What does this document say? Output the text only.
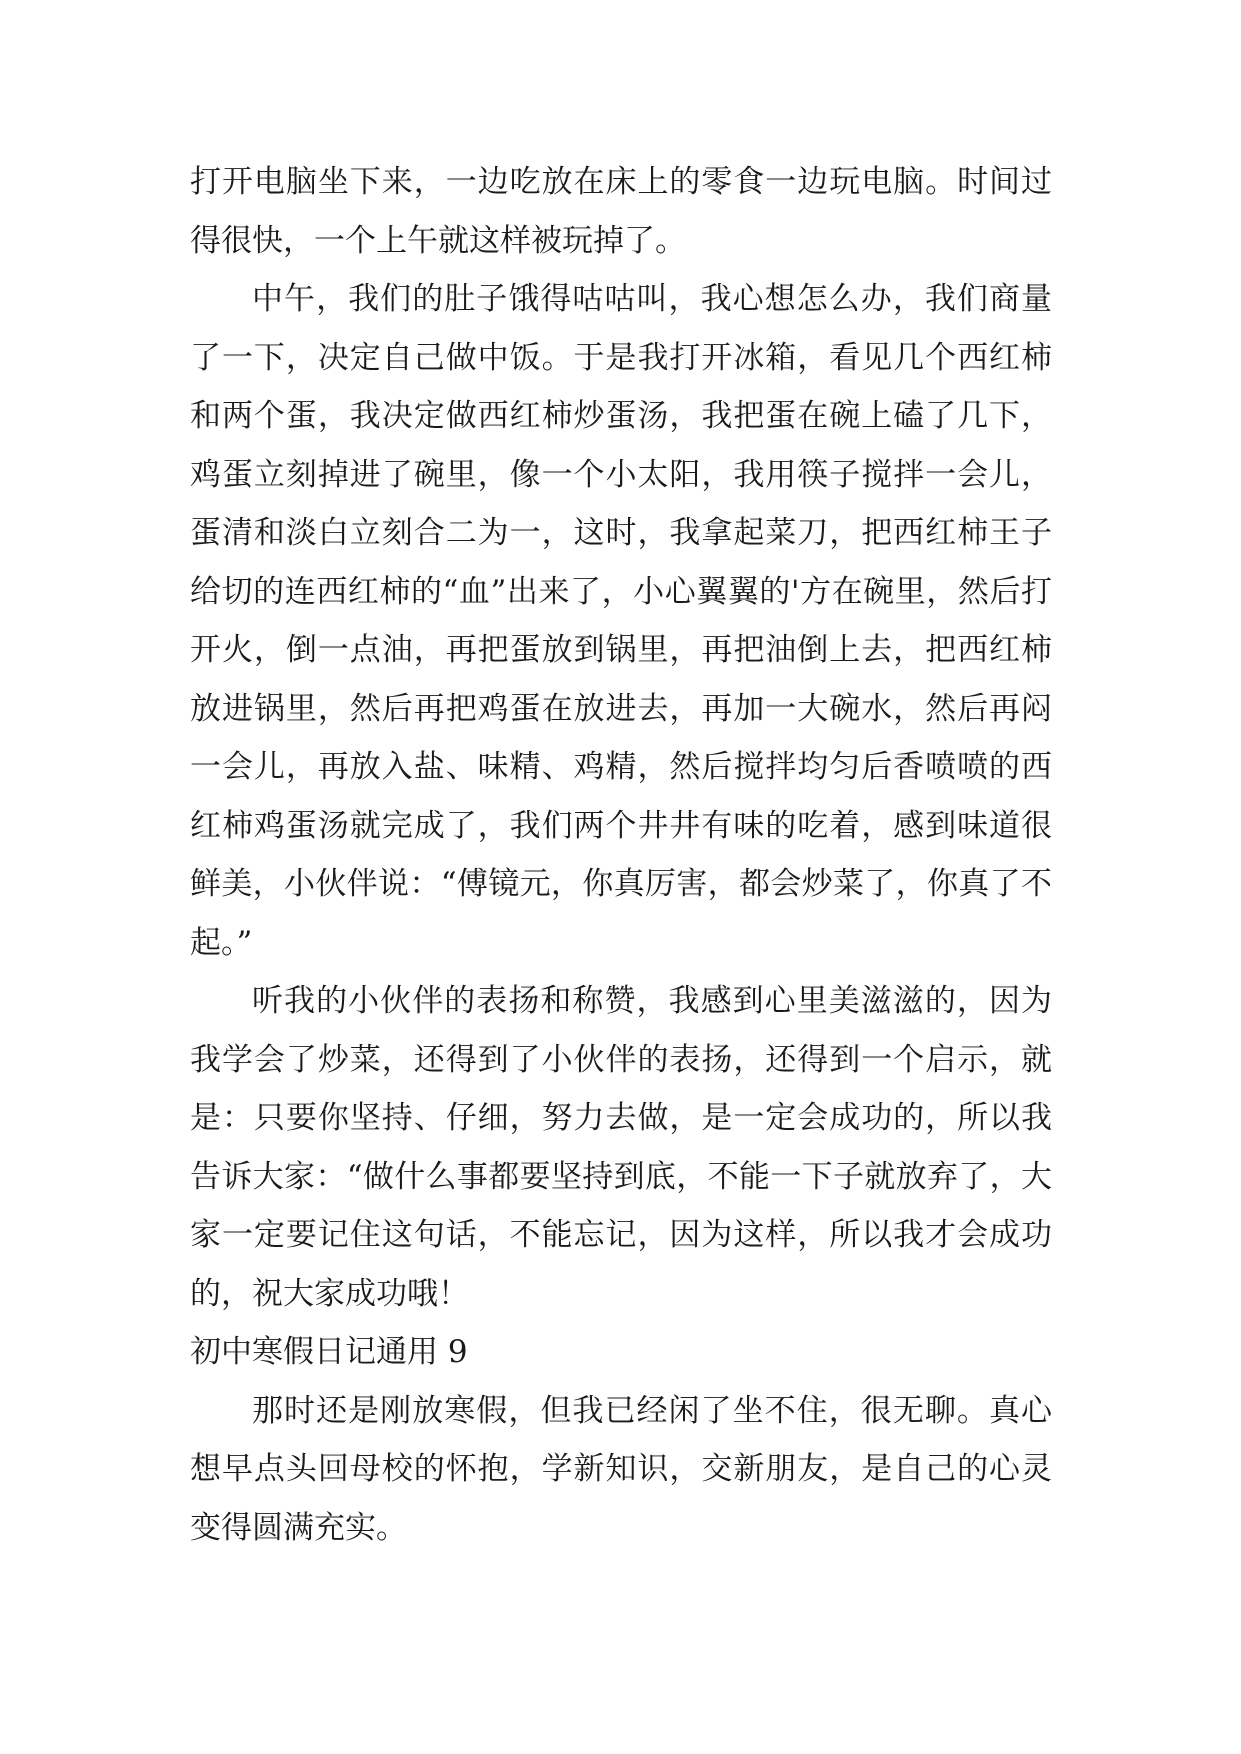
打开电脑坐下来，一边吃放在床上的零食一边玩电脑。时间过得很快，一个上午就这样被玩掉了。

中午，我们的肚子饿得咕咕叫，我心想怎么办，我们商量了一下，决定自己做中饭。于是我打开冰箱，看见几个西红柿和两个蛋，我决定做西红柿炒蛋汤，我把蛋在碗上磕了几下，鸡蛋立刻掉进了碗里，像一个小太阳，我用筷子搅拌一会儿，蛋清和淡白立刻合二为一，这时，我拿起菜刀，把西红柿王子给切的连西红柿的“血”出来了，小心翼翼的'方在碗里，然后打开火，倒一点油，再把蛋放到锅里，再把油倒上去，把西红柿放进锅里，然后再把鸡蛋在放进去，再加一大碗水，然后再闷一会儿，再放入盐、味精、鸡精，然后搅拌均匀后香喷喷的西红柿鸡蛋汤就完成了，我们两个井井有味的吃着，感到味道很鲜美，小伙伴说：“傅镜元，你真厉害，都会炒菜了，你真了不起。”

听我的小伙伴的表扬和称赞，我感到心里美滋滋的，因为我学会了炒菜，还得到了小伙伴的表扬，还得到一个启示，就是：只要你坚持、仔细，努力去做，是一定会成功的，所以我告诉大家：“做什么事都要坚持到底，不能一下子就放弃了，大家一定要记住这句话，不能忘记，因为这样，所以我才会成功的，祝大家成功哦！

初中寒假日记通用 9

那时还是刚放寒假，但我已经闲了坐不住，很无聊。真心想早点头回母校的怀抱，学新知识，交新朋友，是自己的心灵变得圆满充实。
